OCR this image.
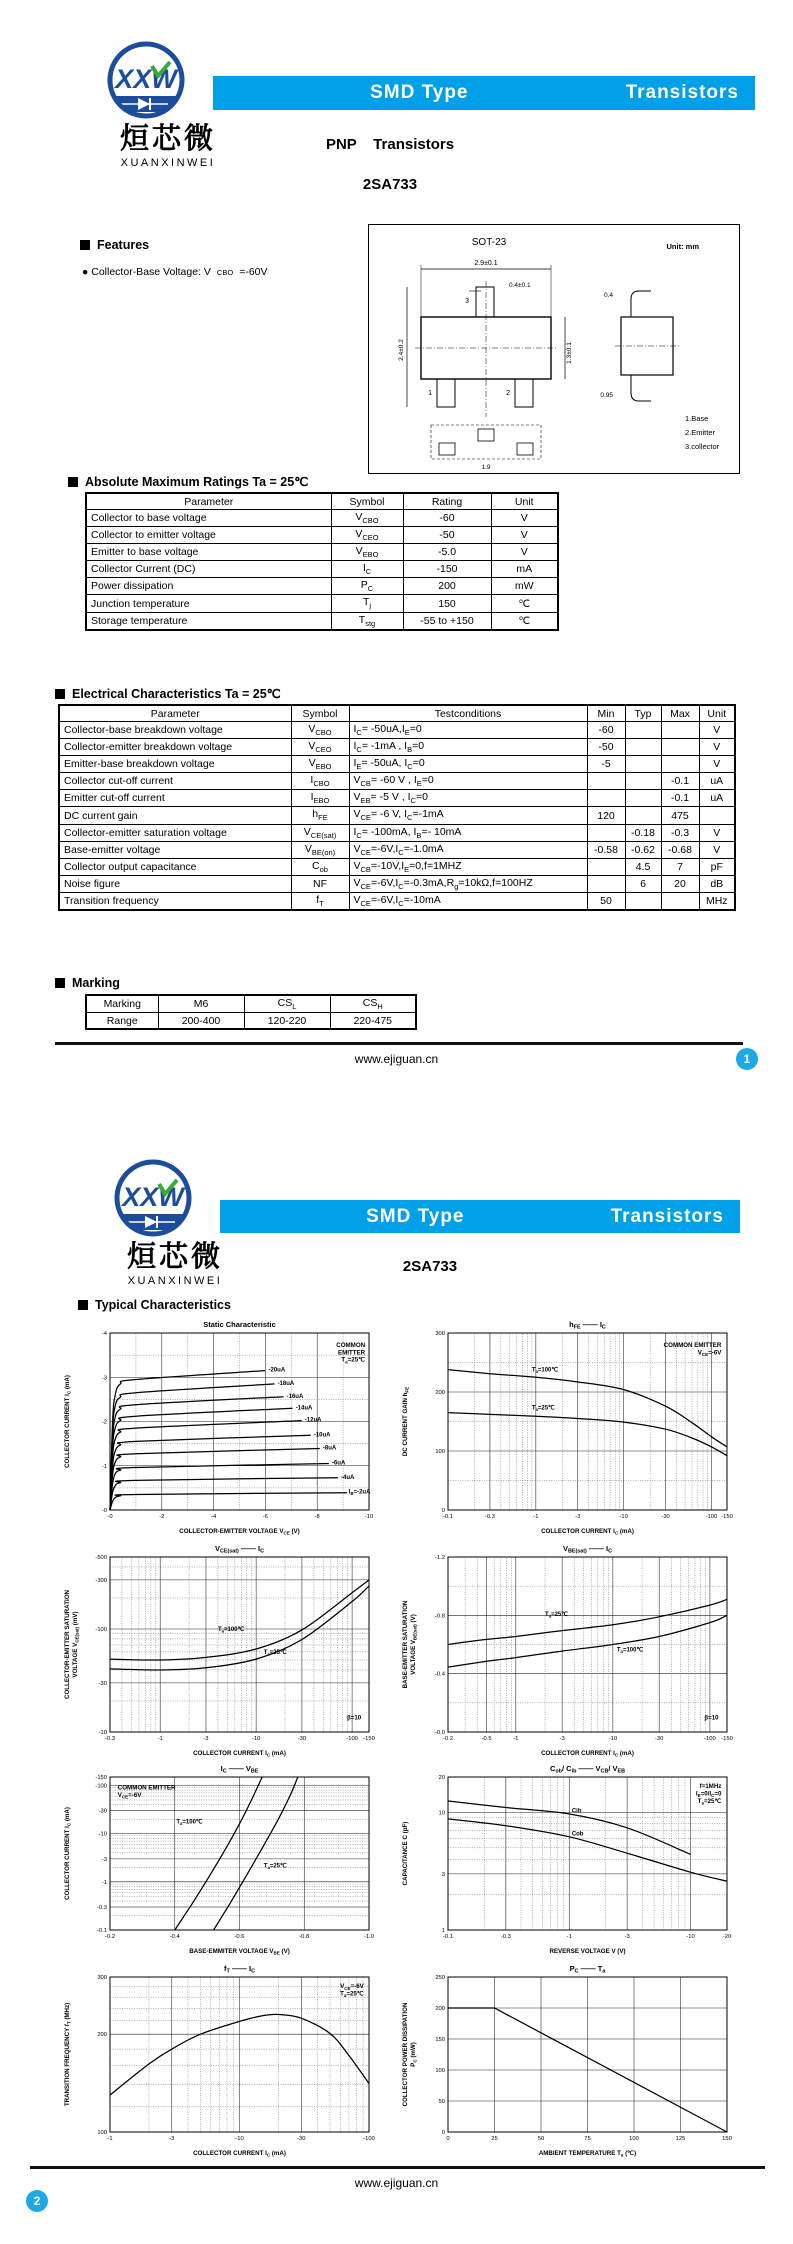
XXW
烜芯微
XUANXINWEI
SMD Type	Transistors
PNP    Transistors
2SA733
Features
● Collector-Base Voltage: V CBO =-60V
SOT-23	Unit: mm
2.9±0.1
0.4±0.1
3
1	2
1.3±0.1
2.4±0.2
0.4
0.95
1.9
1.Base
2.Emitter
3.collector
Absolute Maximum Ratings Ta = 25℃
Parameter	Symbol	Rating	Unit
Collector to base voltage	$V_{CBO}$	-60	V
Collector to emitter voltage	$V_{CEO}$	-50	V
Emitter to base voltage	$V_{EBO}$	-5.0	V
Collector Current (DC)	$I_C$	-150	mA
Power dissipation	$P_C$	200	mW
Junction temperature	$T_j$	150	℃
Storage temperature	$T_{stg}$	-55 to +150	℃
Electrical Characteristics Ta = 25℃
Parameter	Symbol	Testconditions	Min	Typ	Max	Unit
Collector-base breakdown voltage	$V_{CBO}$	$I_C= -50uA,I_E=0$	-60			V
Collector-emitter breakdown voltage	$V_{CEO}$	$I_C= -1mA$ , $I_B=0$	-50			V
Emitter-base breakdown voltage	$V_{EBO}$	$I_E= -50uA$, $I_C=0$	-5			V
Collector cut-off current	$I_{CBO}$	$V_{CB}= -60$ V , $I_E=0$			-0.1	uA
Emitter cut-off current	$I_{EBO}$	$V_{EB}= -5$ V , $I_C=0$			-0.1	uA
DC current gain	$h_{FE}$	$V_{CE}= -6$ V, $I_C=-1mA$	120		475	
Collector-emitter saturation voltage	$V_{CE(sat)}$	$I_C= -100mA$, $I_B=-$ 10mA		-0.18	-0.3	V
Base-emitter voltage	$V_{BE(on)}$	$V_{CE}=-6V,I_C=-1.0mA$	-0.58	-0.62	-0.68	V
Collector output capacitance	$C_{ob}$	$V_{CB}=-10V,I_E=0,f=1MHZ$		4.5	7	pF
Noise figure	NF	$V_{CE}=-6V,I_C=-0.3mA,R_g=10k\Omega,f=100HZ$		6	20	dB
Transition frequency	$f_T$	$V_{CE}=-6V,I_C=-10mA$	50			MHz
Marking
Marking	M6	$CS_L$	$CS_H$
Range	200-400	120-220	220-475
www.ejiguan.cn	1
XXW
烜芯微
XUANXINWEI
SMD Type	Transistors
2SA733
Typical Characteristics
-0	-2	-4	-6	-8	-10
-0
-1
-2
-3
-4
COLLECTOR-EMITTER VOLTAGE $V_{CE}$ (V)
COLLECTOR CURRENT $I_C$ (mA)
Static Characteristic
COMMON
EMITTER
$T_a=25℃$
-20uA
-18uA
-16uA
-14uA
-12uA
-10uA
-8uA
-6uA
-4uA
$I_B=-2uA$
-0.1	-0.3	-1	-3	-10	-30	-100 -150
0
100
200
300
COLLECTOR CURRENT $I_C$ (mA)
DC CURRENT GAIN $h_{FE}$
$h_{FE}$ —— $I_C$
COMMON EMITTER
$V_{CE}=-6V$
$T_a=100℃$
$T_a=25℃$
-0.3	-1	-3	-10	-30	-100 -150
-10
-30
-100
-300
-500
COLLECTOR CURRENT $I_C$ (mA)
COLLECTOR-EMITTER SATURATION VOLTAGE $V_{CE(sat)}$ (mV)
$V_{CE(sat)}$ —— $I_C$
β=10
$T_a=100℃$
$T_a=25℃$
-0.2	-0.5	-1	-3	-10	-30	-100 -150
-0.0
-0.4
-0.8
-1.2
COLLECTOR CURRENT $I_C$ (mA)
BASE-EMITTER SATURATION VOLTAGE $V_{BE(sat)}$ (V)
$V_{BE(sat)}$ —— $I_C$
β=10
$T_a=25℃$
$T_a=100℃$
-0.2	-0.4	-0.6	-0.8	-1.0
-0.1
-0.3
-1
-3
-10
-30
-100
-150
BASE-EMMITER VOLTAGE $V_{BE}$ (V)
COLLECTOR CURRENT $I_C$ (mA)
$I_C$ —— $V_{BE}$
COMMON EMITTER
$V_{CE}=-6V$
$T_a=100℃$
$T_a=25℃$
-0.1	-0.3	-1	-3	-10	-20
1
3
10
20
REVERSE VOLTAGE V (V)
CAPACITANCE C (pF)
$C_{ob}/$ $C_{ib}$ —— $V_{CB}/$ $V_{EB}$
f=1MHz
$I_E=0/I_C=0$
$T_a=25℃$
Cib
Cob
-1	-3	-10	-30	-100
100
200
300
COLLECTOR CURRENT $I_C$ (mA)
TRANSITION FREQUENCY $f_T$ (MHz)
$f_T$ —— $I_C$
$V_{CE}=-6V$
$T_a=25℃$
0	25	50	75	100	125	150
0
50
100
150
200
250
AMBIENT TEMPERATURE $T_a$ (℃)
COLLECTOR POWER DISSIPATION $P_C$ (mW)
$P_C$ —— $T_a$
www.ejiguan.cn
2
